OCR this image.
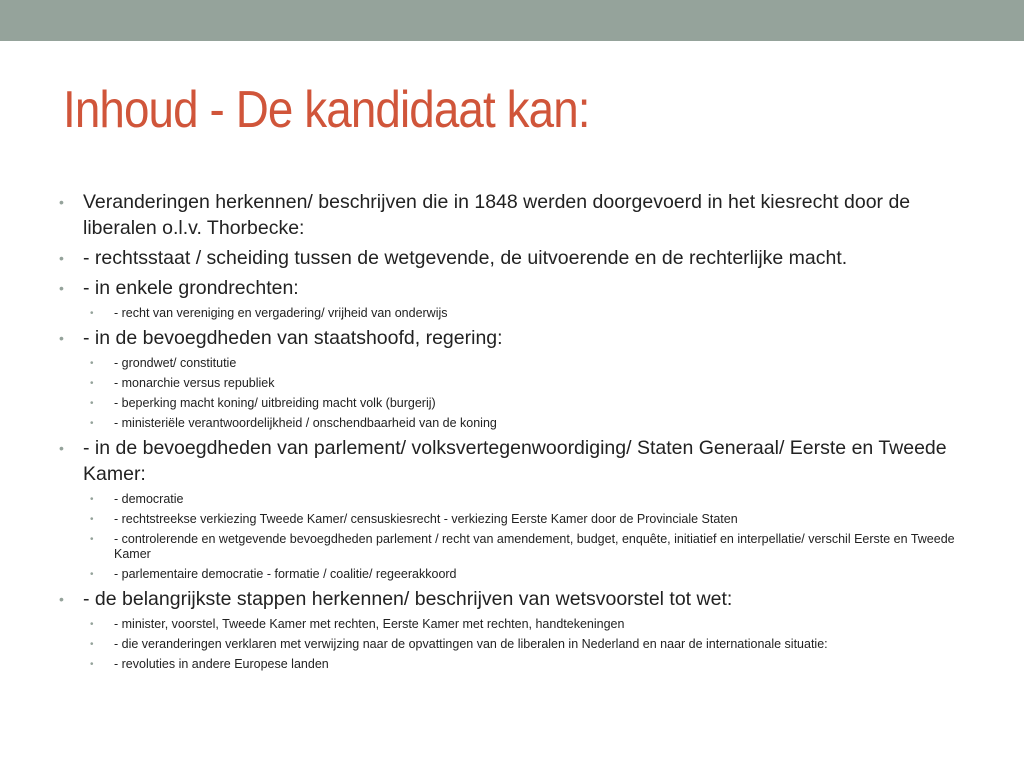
Inhoud - De kandidaat kan:
• Veranderingen herkennen/ beschrijven die in 1848 werden doorgevoerd in het kiesrecht door de liberalen o.l.v. Thorbecke:
• - rechtsstaat / scheiding tussen de wetgevende, de uitvoerende en de rechterlijke macht.
• - in enkele grondrechten:
• - recht van vereniging en vergadering/ vrijheid van onderwijs
• - in de bevoegdheden van staatshoofd, regering:
• - grondwet/ constitutie
• - monarchie versus republiek
• - beperking macht koning/ uitbreiding macht volk (burgerij)
• - ministeriële verantwoordelijkheid / onschendbaarheid van de koning
• - in de bevoegdheden van parlement/ volksvertegenwoordiging/ Staten Generaal/ Eerste en Tweede Kamer:
• - democratie
• - rechtstreekse verkiezing Tweede Kamer/ censuskiesrecht - verkiezing Eerste Kamer door de Provinciale Staten
• - controlerende en wetgevende bevoegdheden parlement / recht van amendement, budget, enquête, initiatief en interpellatie/ verschil Eerste en Tweede Kamer
• - parlementaire democratie - formatie / coalitie/ regeerakkoord
• - de belangrijkste stappen herkennen/ beschrijven van wetsvoorstel tot wet:
• - minister, voorstel, Tweede Kamer met rechten, Eerste Kamer met rechten, handtekeningen
• - die veranderingen verklaren met verwijzing naar de opvattingen van de liberalen in Nederland en naar de internationale situatie:
• - revoluties in andere Europese landen
